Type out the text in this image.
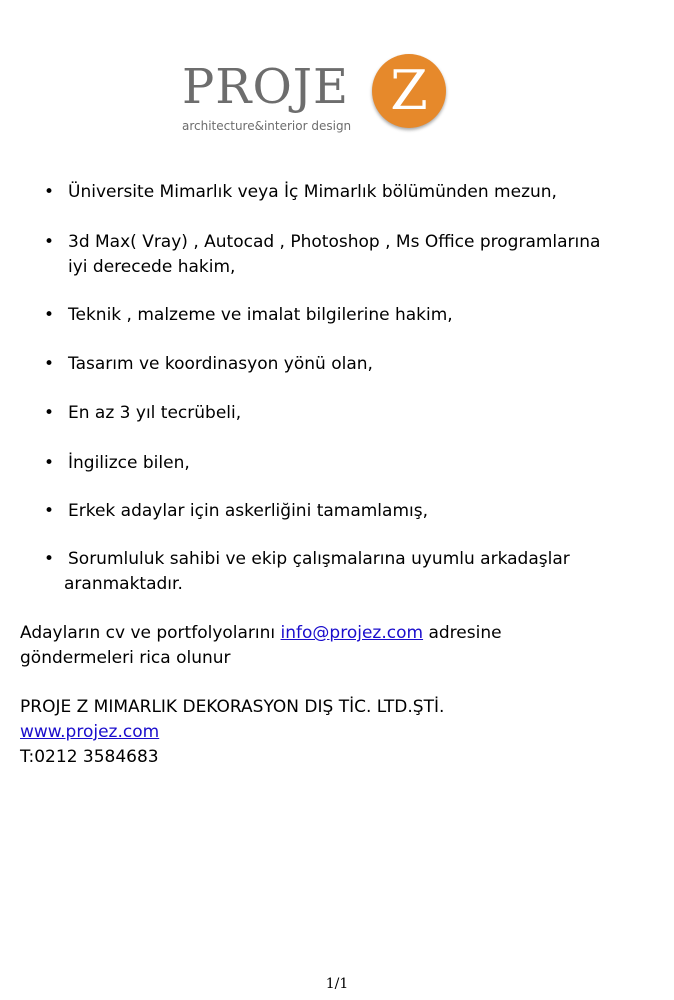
PROJE Z
architecture&interior design
• Üniversite Mimarlık veya İç Mimarlık bölümünden mezun,
• 3d Max( Vray) , Autocad , Photoshop , Ms Office programlarına
iyi derecede hakim,
• Teknik , malzeme ve imalat bilgilerine hakim,
• Tasarım ve koordinasyon yönü olan,
• En az 3 yıl tecrübeli,
• İngilizce bilen,
• Erkek adaylar için askerliğini tamamlamış,
• Sorumluluk sahibi ve ekip çalışmalarına uyumlu arkadaşlar
aranmaktadır.
Adayların cv ve portfolyolarını info@projez.com adresine
göndermeleri rica olunur
PROJE Z MIMARLIK DEKORASYON DIŞ TİC. LTD.ŞTİ.
www.projez.com
T:0212 3584683
1/1
